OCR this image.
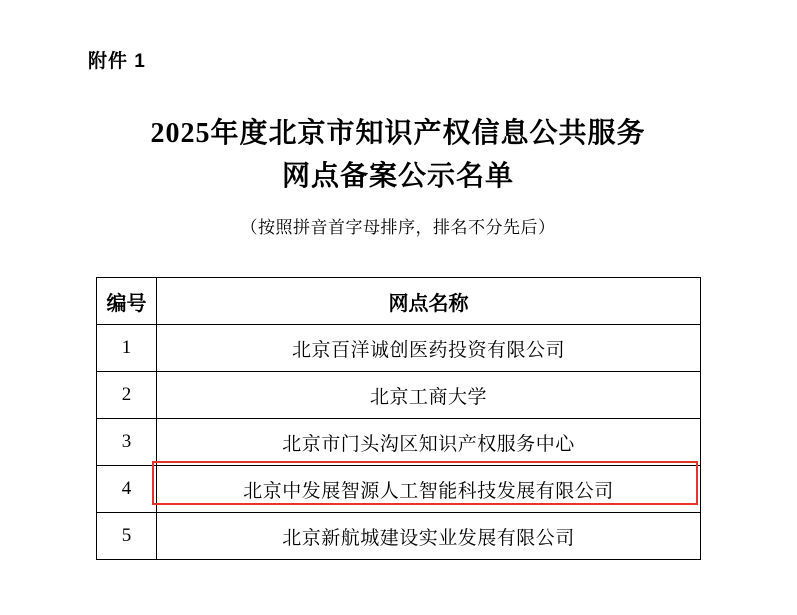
附件 1
2025年度北京市知识产权信息公共服务
网点备案公示名单
（按照拼音首字母排序，排名不分先后）
编号	网点名称
1	北京百洋诚创医药投资有限公司
2	北京工商大学
3	北京市门头沟区知识产权服务中心
4	北京中发展智源人工智能科技发展有限公司
5	北京新航城建设实业发展有限公司
